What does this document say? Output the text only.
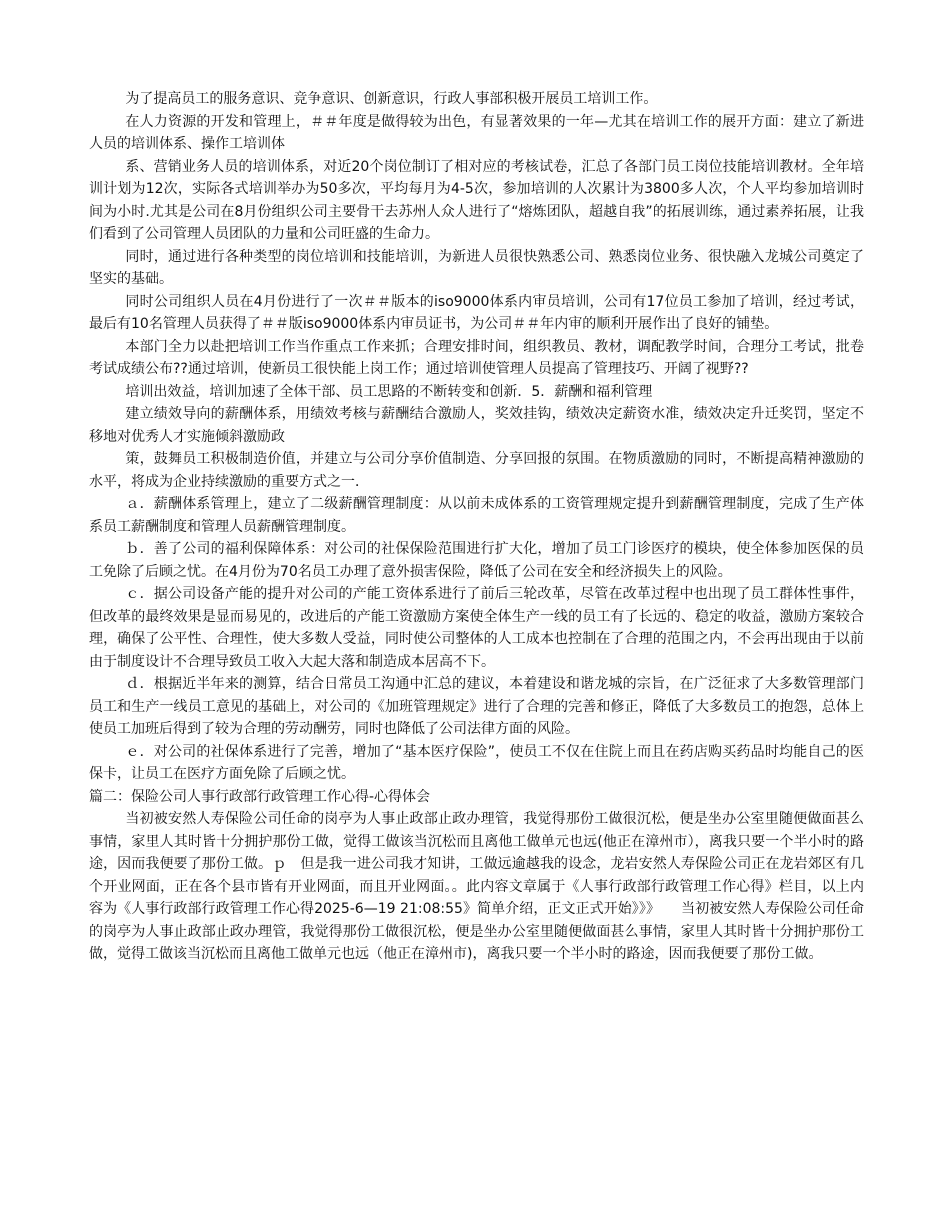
为了提高员工的服务意识、竞争意识、创新意识，行政人事部积极开展员工培训工作。

在人力资源的开发和管理上，＃＃年度是做得较为出色，有显著效果的一年—尤其在培训工作的展开方面：建立了新进人员的培训体系、操作工培训体

系、营销业务人员的培训体系，对近20个岗位制订了相对应的考核试卷，汇总了各部门员工岗位技能培训教材。全年培训计划为12次，实际各式培训举办为50多次，平均每月为4-5次，参加培训的人次累计为3800多人次，个人平均参加培训时间为小时.尤其是公司在8月份组织公司主要骨干去苏州人众人进行了“熔炼团队，超越自我”的拓展训练，通过素养拓展，让我们看到了公司管理人员团队的力量和公司旺盛的生命力。

同时，通过进行各种类型的岗位培训和技能培训，为新进人员很快熟悉公司、熟悉岗位业务、很快融入龙城公司奠定了坚实的基础。

同时公司组织人员在4月份进行了一次＃＃版本的iso9000体系内审员培训，公司有17位员工参加了培训，经过考试，最后有10名管理人员获得了＃＃版iso9000体系内审员证书，为公司＃＃年内审的顺利开展作出了良好的铺垫。

本部门全力以赴把培训工作当作重点工作来抓；合理安排时间，组织教员、教材，调配教学时间，合理分工考试，批卷考试成绩公布??通过培训，使新员工很快能上岗工作；通过培训使管理人员提高了管理技巧、开阔了视野??

培训出效益，培训加速了全体干部、员工思路的不断转变和创新．5．薪酬和福利管理

建立绩效导向的薪酬体系，用绩效考核与薪酬结合激励人，奖效挂钩，绩效决定薪资水准，绩效决定升迁奖罚，坚定不移地对优秀人才实施倾斜激励政

策，鼓舞员工积极制造价值，并建立与公司分享价值制造、分享回报的氛围。在物质激励的同时，不断提高精神激励的水平，将成为企业持续激励的重要方式之一．

ａ．薪酬体系管理上，建立了二级薪酬管理制度：从以前未成体系的工资管理规定提升到薪酬管理制度，完成了生产体系员工薪酬制度和管理人员薪酬管理制度。

ｂ．善了公司的福利保障体系：对公司的社保保险范围进行扩大化，增加了员工门诊医疗的模块，使全体参加医保的员工免除了后顾之忧。在4月份为70名员工办理了意外损害保险，降低了公司在安全和经济损失上的风险。

ｃ．据公司设备产能的提升对公司的产能工资体系进行了前后三轮改革，尽管在改革过程中也出现了员工群体性事件，但改革的最终效果是显而易见的，改进后的产能工资激励方案使全体生产一线的员工有了长远的、稳定的收益，激励方案较合理，确保了公平性、合理性，使大多数人受益，同时使公司整体的人工成本也控制在了合理的范围之内，不会再出现由于以前由于制度设计不合理导致员工收入大起大落和制造成本居高不下。

ｄ．根据近半年来的测算，结合日常员工沟通中汇总的建议，本着建设和谐龙城的宗旨，在广泛征求了大多数管理部门员工和生产一线员工意见的基础上，对公司的《加班管理规定》进行了合理的完善和修正，降低了大多数员工的抱怨，总体上使员工加班后得到了较为合理的劳动酬劳，同时也降低了公司法律方面的风险。

ｅ．对公司的社保体系进行了完善，增加了“基本医疗保险”，使员工不仅在住院上而且在药店购买药品时均能自己的医保卡，让员工在医疗方面免除了后顾之忧。

篇二：保险公司人事行政部行政管理工作心得-心得体会

当初被安然人寿保险公司任命的岗亭为人事止政部止政办理管，我觉得那份工做很沉松，便是坐办公室里随便做面甚么事情，家里人其时皆十分拥护那份工做，觉得工做该当沉松而且离他工做单元也远(他正在漳州市），离我只要一个半小时的路途，因而我便要了那份工做。ｐ　但是我一进公司我才知讲，工做远逾越我的设念，龙岩安然人寿保险公司正在龙岩郊区有几个开业网面，正在各个县市皆有开业网面，而且开业网面。。此内容文章属于《人事行政部行政管理工作心得》栏目，以上内容为《人事行政部行政管理工作心得2025-6—19 21:08:55》简单介绍，正文正式开始》》》　　当初被安然人寿保险公司任命的岗亭为人事止政部止政办理管，我觉得那份工做很沉松，便是坐办公室里随便做面甚么事情，家里人其时皆十分拥护那份工做，觉得工做该当沉松而且离他工做单元也远（他正在漳州市)，离我只要一个半小时的路途，因而我便要了那份工做。
